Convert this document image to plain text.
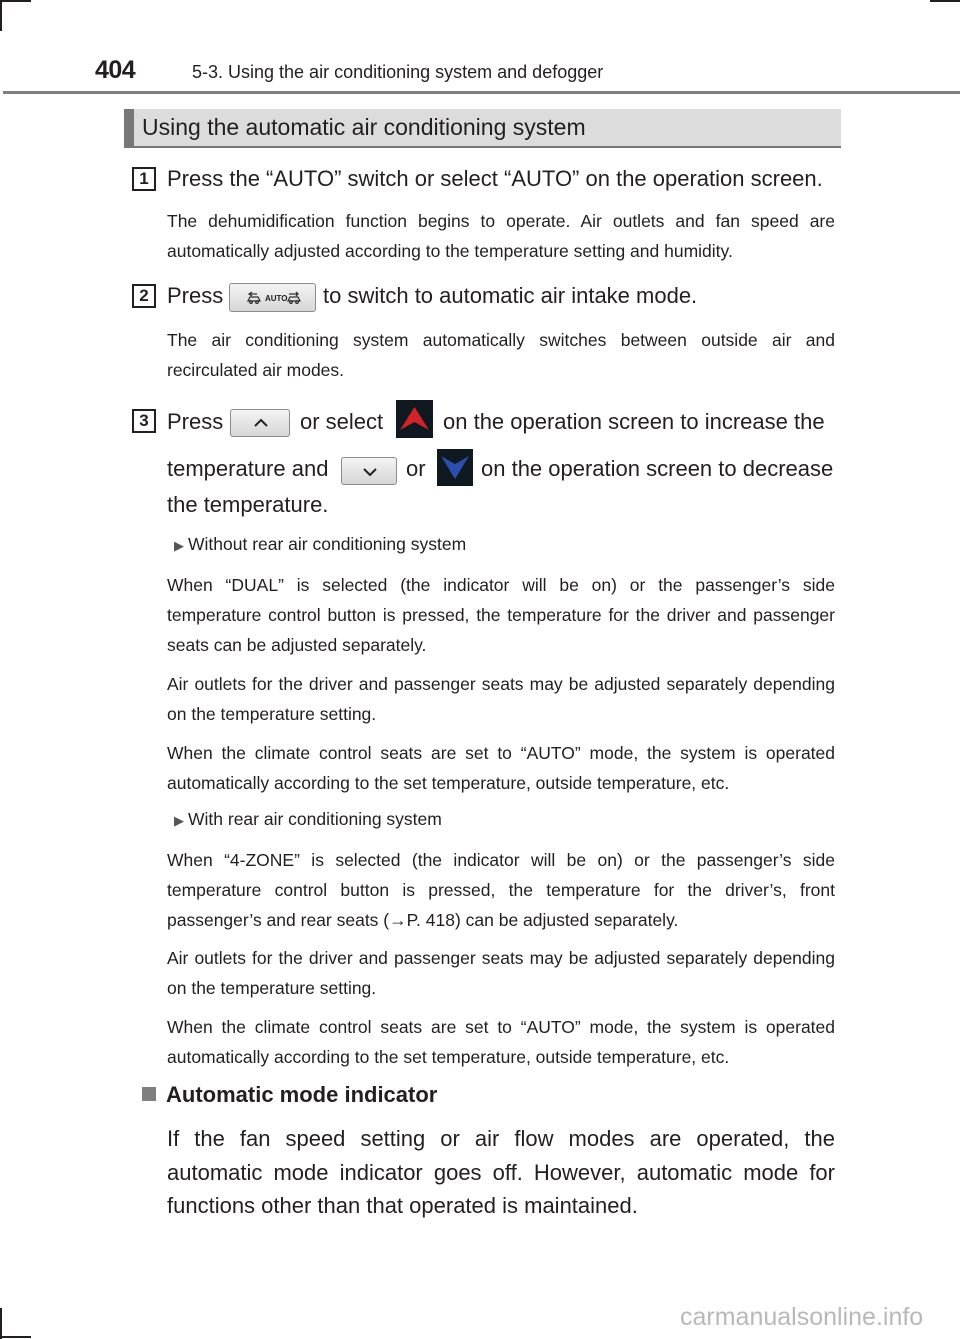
404	5-3. Using the air conditioning system and defogger
Using the automatic air conditioning system
1 Press the “AUTO” switch or select “AUTO” on the operation screen.
The dehumidification function begins to operate. Air outlets and fan speed are automatically adjusted according to the temperature setting and humidity.
2 Press	AUTO to switch to automatic air intake mode.
The air conditioning system automatically switches between outside air and recirculated air modes.
3 Press	or select	on the operation screen to increase the
temperature and	or	on the operation screen to decrease
the temperature.
▶ Without rear air conditioning system
When “DUAL” is selected (the indicator will be on) or the passenger’s side temperature control button is pressed, the temperature for the driver and passenger seats can be adjusted separately.
Air outlets for the driver and passenger seats may be adjusted separately depending on the temperature setting.
When the climate control seats are set to “AUTO” mode, the system is operated automatically according to the set temperature, outside temperature, etc.
▶ With rear air conditioning system
When “4-ZONE” is selected (the indicator will be on) or the passenger’s side temperature control button is pressed, the temperature for the driver’s, front passenger’s and rear seats (→P. 418) can be adjusted separately.
Air outlets for the driver and passenger seats may be adjusted separately depending on the temperature setting.
When the climate control seats are set to “AUTO” mode, the system is operated automatically according to the set temperature, outside temperature, etc.
Automatic mode indicator
If the fan speed setting or air flow modes are operated, the automatic mode indicator goes off. However, automatic mode for functions other than that operated is maintained.
carmanualsonline.info
